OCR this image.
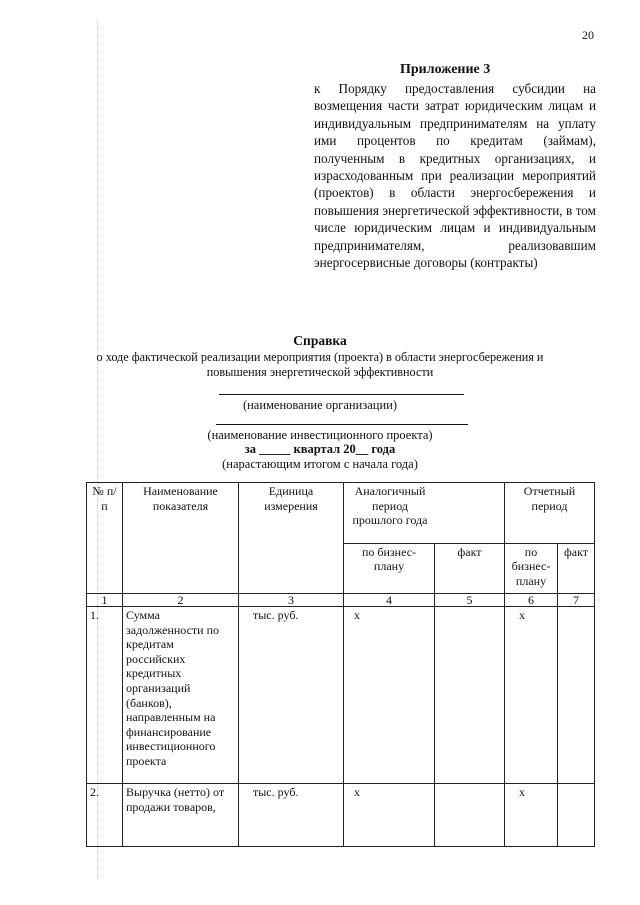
20
Приложение 3
к Порядку предоставления субсидии на возмещения части затрат юридическим лицам и индивидуальным предпринимателям на уплату ими процентов по кредитам (займам), полученным в кредитных организациях, и израсходованным при реализации мероприятий (проектов) в области энергосбережения и повышения энергетической эффективности, в том числе юридическим лицам и индивидуальным предпринимателям, реализовавшим энергосервисные договоры (контракты)
Справка
о ходе фактической реализации мероприятия (проекта) в области энергосбережения и повышения энергетической эффективности
(наименование организации)
(наименование инвестиционного проекта)
за _____ квартал 20__ года
(нарастающим итогом с начала года)
№ п/п	Наименование показателя	Единица измерения	Аналогичный период прошлого года		Отчетный период	

			по бизнес-плану	факт	по бизнес-плану	факт
1	2	3	4	5	6	7
1.	Сумма задолженности по кредитам российских кредитных организаций (банков), направленным на финансирование инвестиционного проекта	тыс. руб.	х		х	
2.	Выручка (нетто) от продажи товаров,	тыс. руб.	х		х	
